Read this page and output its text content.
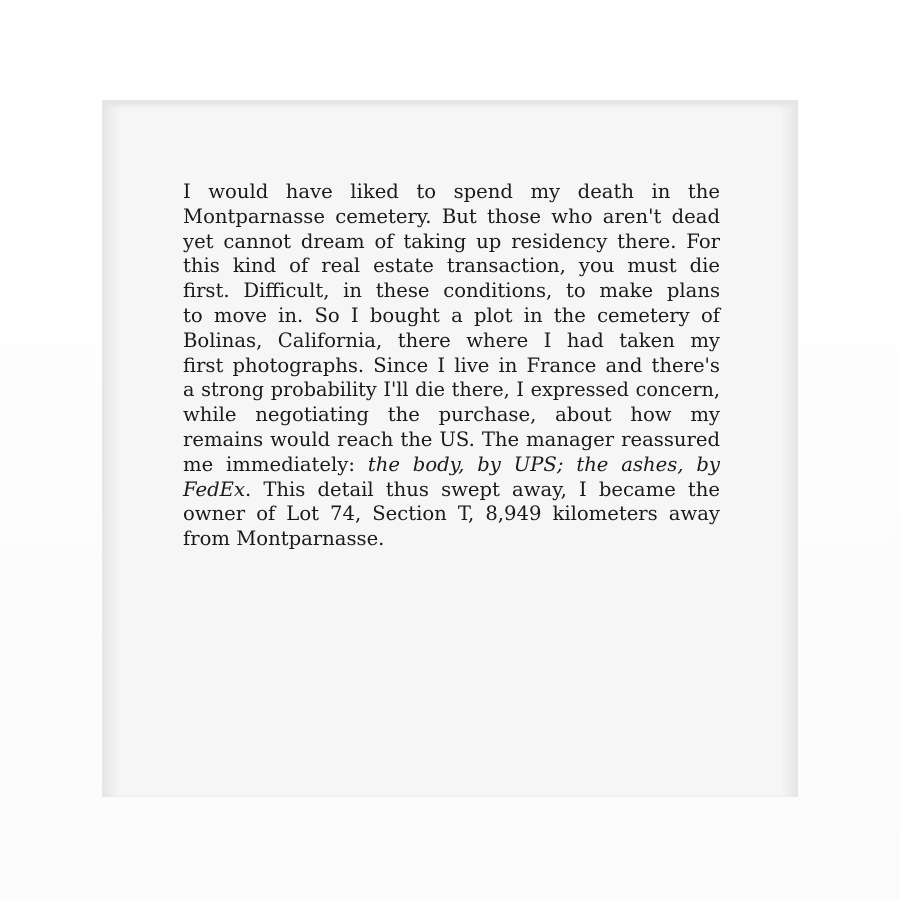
I would have liked to spend my death in the
Montparnasse cemetery. But those who aren't dead
yet cannot dream of taking up residency there. For
this kind of real estate transaction, you must die
first. Difficult, in these conditions, to make plans
to move in. So I bought a plot in the cemetery of
Bolinas, California, there where I had taken my
first photographs. Since I live in France and there's
a strong probability I'll die there, I expressed concern,
while negotiating the purchase, about how my
remains would reach the US. The manager reassured
me immediately: the body, by UPS; the ashes, by
FedEx. This detail thus swept away, I became the
owner of Lot 74, Section T, 8,949 kilometers away
from Montparnasse.
